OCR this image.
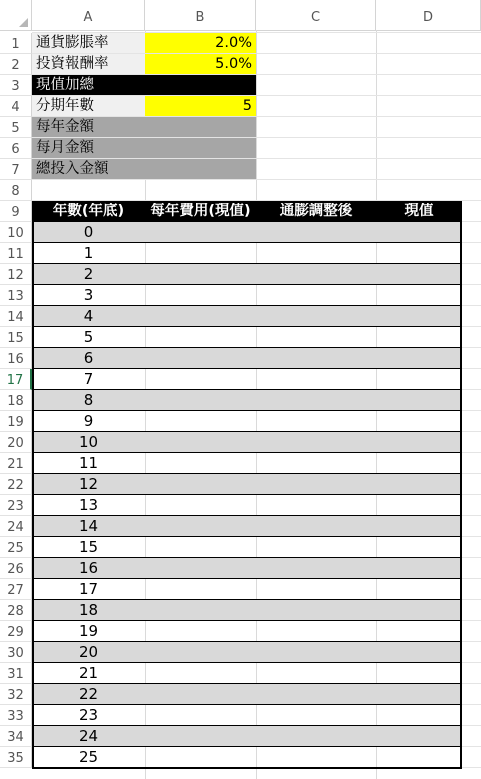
A	B	C	D
1
2
3
4
5
6
7
8
9
10
11
12
13
14
15
16
17
18
19
20
21
22
23
24
25
26
27
28
29
30
31
32
33
34
35
通貨膨脹率	2.0%
投資報酬率	5.0%
現值加總
分期年數	5
每年金額
每月金額
總投入金額
年數(年底)	每年費用(現值)	通膨調整後	現值
0
1
2
3
4
5
6
7
8
9
10
11
12
13
14
15
16
17
18
19
20
21
22
23
24
25
